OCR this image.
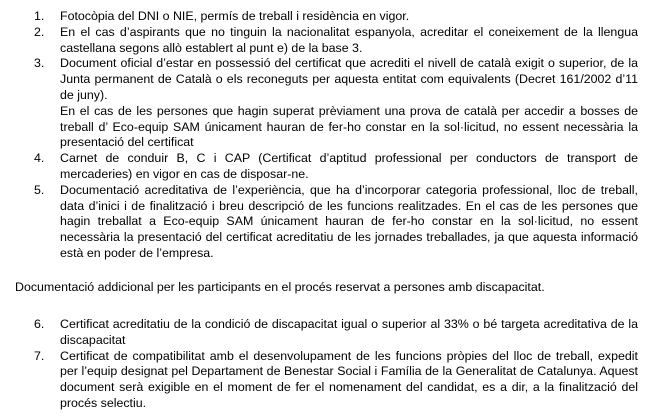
1. Fotocòpia del DNI o NIE, permís de treball i residència en vigor.
2. En el cas d’aspirants que no tinguin la nacionalitat espanyola, acreditar el coneixement de la llengua castellana segons allò establert al punt e) de la base 3.
3. Document oficial d’estar en possessió del certificat que acrediti el nivell de català exigit o superior, de la Junta permanent de Català o els reconeguts per aquesta entitat com equivalents (Decret 161/2002 d’11 de juny).
En el cas de les persones que hagin superat prèviament una prova de català per accedir a bosses de treball d’ Eco-equip SAM únicament hauran de fer-ho constar en la sol·licitud, no essent necessària la presentació del certificat
4. Carnet de conduir B, C i CAP (Certificat d’aptitud professional per conductors de transport de mercaderies) en vigor en cas de disposar-ne.
5. Documentació acreditativa de l’experiència, que ha d’incorporar categoria professional, lloc de treball, data d’inici i de finalització i breu descripció de les funcions realitzades. En el cas de les persones que hagin treballat a Eco-equip SAM únicament hauran de fer-ho constar en la sol·licitud, no essent necessària la presentació del certificat acreditatiu de les jornades treballades, ja que aquesta informació està en poder de l’empresa.

Documentació addicional per les participants en el procés reservat a persones amb discapacitat.

6. Certificat acreditatiu de la condició de discapacitat igual o superior al 33% o bé targeta acreditativa de la discapacitat
7. Certificat de compatibilitat amb el desenvolupament de les funcions pròpies del lloc de treball, expedit per l’equip designat pel Departament de Benestar Social i Família de la Generalitat de Catalunya. Aquest document serà exigible en el moment de fer el nomenament del candidat, es a dir, a la finalització del procés selectiu.
